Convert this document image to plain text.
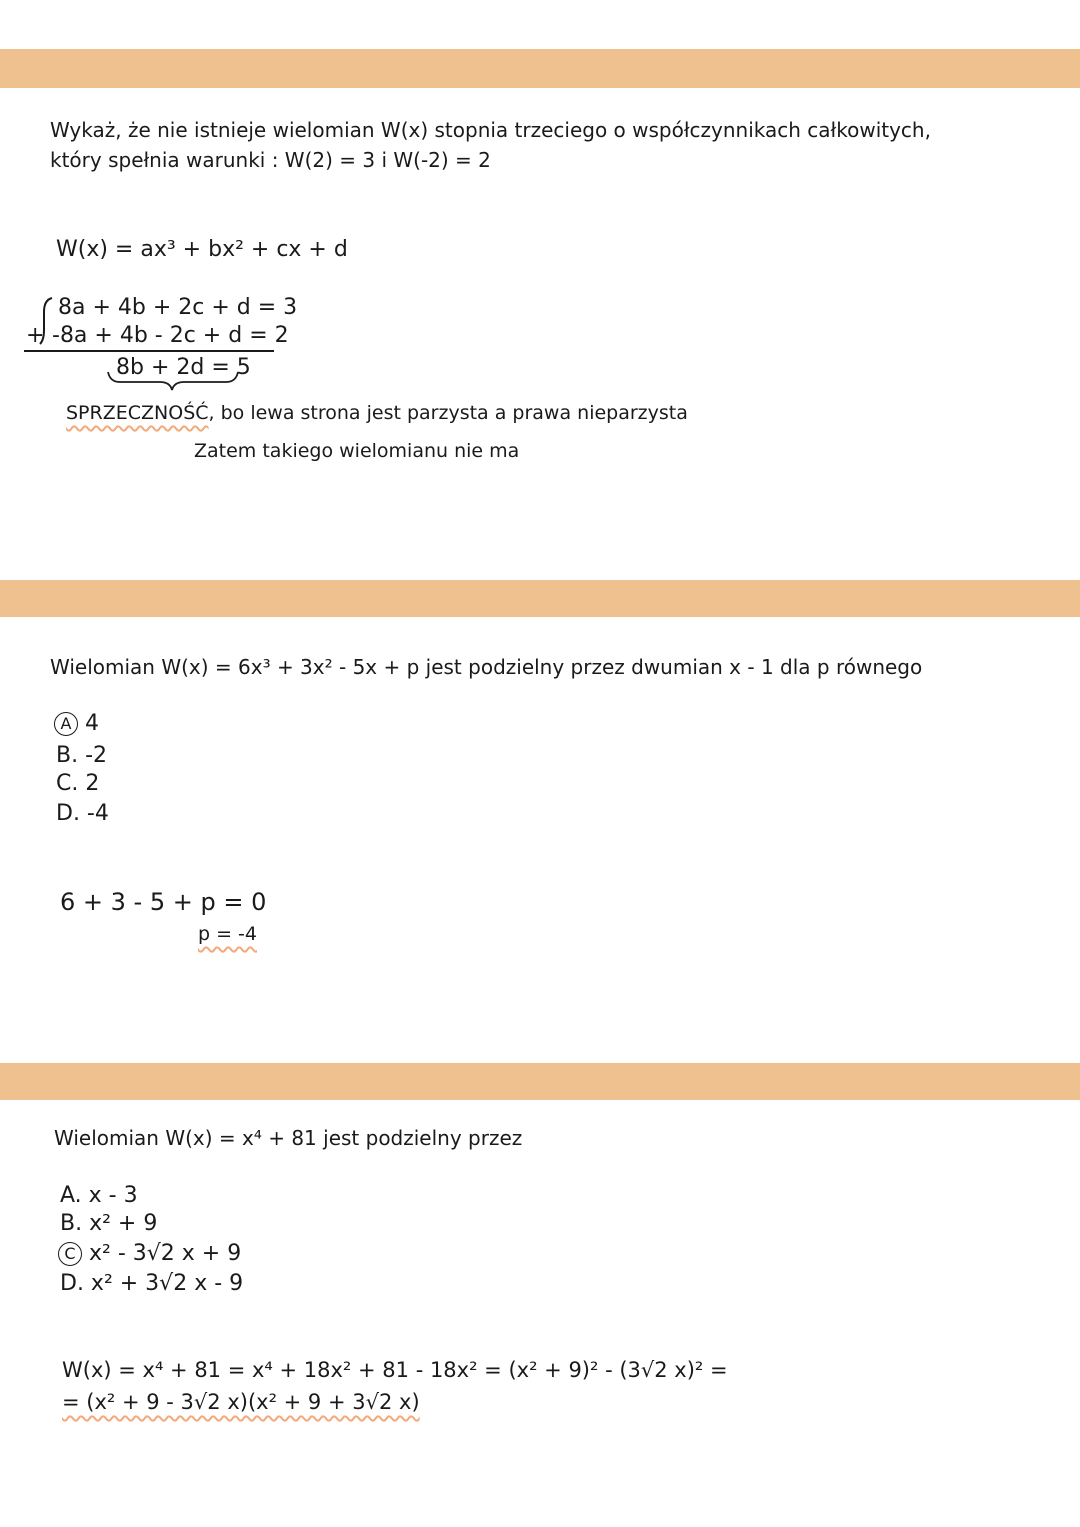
Wykaż, że nie istnieje wielomian W(x) stopnia trzeciego o współczynnikach całkowitych,
który spełnia warunki : W(2) = 3 i W(-2) = 2
W(x) = ax³ + bx² + cx + d
8a + 4b + 2c + d = 3
+ -8a + 4b - 2c + d = 2
8b + 2d = 5
SPRZECZNOŚĆ, bo lewa strona jest parzysta a prawa nieparzysta
Zatem takiego wielomianu nie ma
Wielomian W(x) = 6x³ + 3x² - 5x + p jest podzielny przez dwumian x - 1 dla p równego
A 4
B. -2
C. 2
D. -4
6 + 3 - 5 + p = 0
p = -4
Wielomian W(x) = x⁴ + 81 jest podzielny przez
A. x - 3
B. x² + 9
C x² - 3√2 x + 9
D. x² + 3√2 x - 9
W(x) = x⁴ + 81 = x⁴ + 18x² + 81 - 18x² = (x² + 9)² - (3√2 x)² =
= (x² + 9 - 3√2 x)(x² + 9 + 3√2 x)
